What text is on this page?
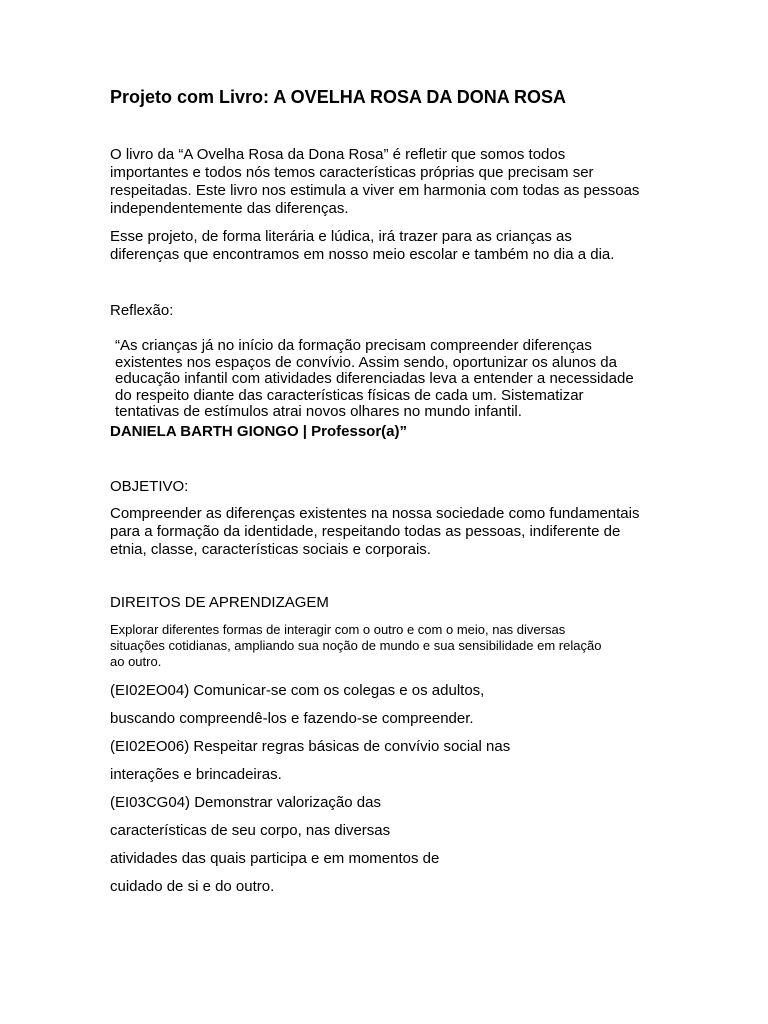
Projeto com Livro: A OVELHA ROSA DA DONA ROSA

O livro da “A Ovelha Rosa da Dona Rosa” é refletir que somos todos

importantes e todos nós temos características próprias que precisam ser

respeitadas. Este livro nos estimula a viver em harmonia com todas as pessoas

independentemente das diferenças.

Esse projeto, de forma literária e lúdica, irá trazer para as crianças as

diferenças que encontramos em nosso meio escolar e também no dia a dia.

Reflexão:

“As crianças já no início da formação precisam compreender diferenças

existentes nos espaços de convívio. Assim sendo, oportunizar os alunos da

educação infantil com atividades diferenciadas leva a entender a necessidade

do respeito diante das características físicas de cada um. Sistematizar

tentativas de estímulos atrai novos olhares no mundo infantil.

DANIELA BARTH GIONGO | Professor(a)”
OBJETIVO:

Compreender as diferenças existentes na nossa sociedade como fundamentais

para a formação da identidade, respeitando todas as pessoas, indiferente de

etnia, classe, características sociais e corporais.

DIREITOS DE APRENDIZAGEM

Explorar diferentes formas de interagir com o outro e com o meio, nas diversas

situações cotidianas, ampliando sua noção de mundo e sua sensibilidade em relação

ao outro.

(EI02EO04) Comunicar-se com os colegas e os adultos,
buscando compreendê-los e fazendo-se compreender.
(EI02EO06) Respeitar regras básicas de convívio social nas
interações e brincadeiras.
(EI03CG04) Demonstrar valorização das
características de seu corpo, nas diversas
atividades das quais participa e em momentos de
cuidado de si e do outro.
